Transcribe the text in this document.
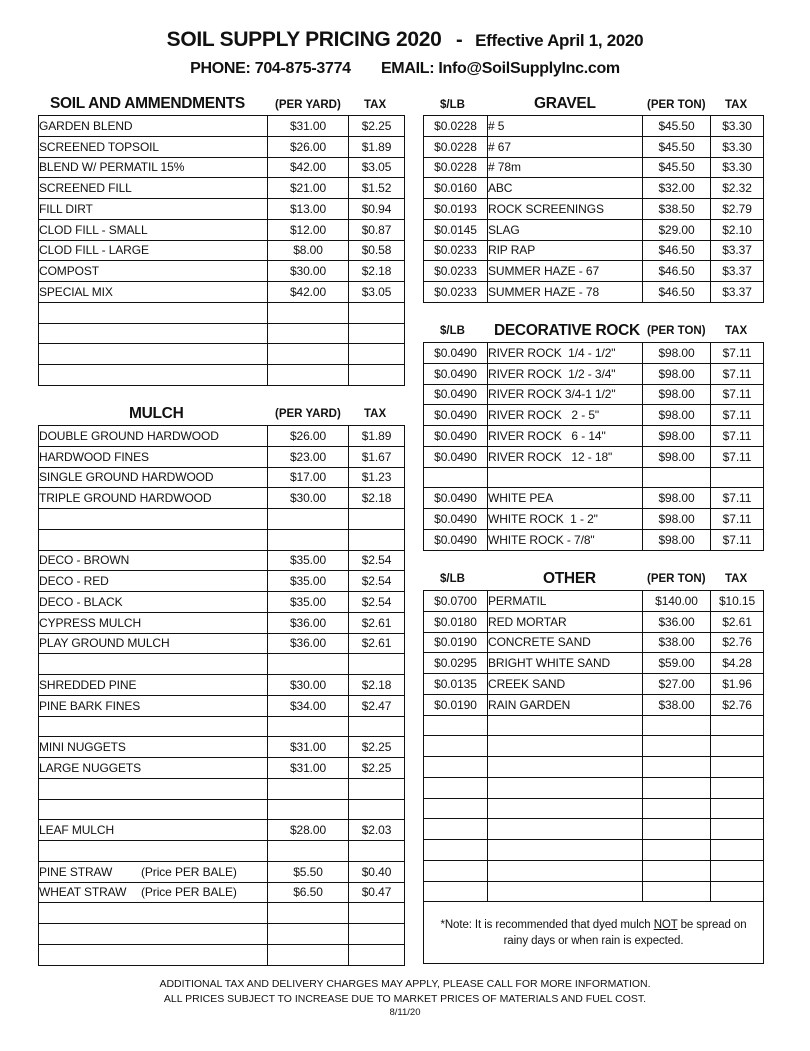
SOIL SUPPLY PRICING 2020 - Effective April 1, 2020
PHONE: 704-875-3774 EMAIL: Info@SoilSupplyInc.com
SOIL AND AMMENDMENTS	(PER YARD) TAX
GARDEN BLEND	$31.00	$2.25
SCREENED TOPSOIL	$26.00	$1.89
BLEND W/ PERMATIL 15%	$42.00	$3.05
SCREENED FILL	$21.00	$1.52
FILL DIRT	$13.00	$0.94
CLOD FILL - SMALL	$12.00	$0.87
CLOD FILL - LARGE	$8.00	$0.58
COMPOST	$30.00	$2.18
SPECIAL MIX	$42.00	$3.05

MULCH	(PER YARD) TAX
DOUBLE GROUND HARDWOOD	$26.00	$1.89
HARDWOOD FINES	$23.00	$1.67
SINGLE GROUND HARDWOOD	$17.00	$1.23
TRIPLE GROUND HARDWOOD	$30.00	$2.18

DECO - BROWN	$35.00	$2.54
DECO - RED	$35.00	$2.54
DECO - BLACK	$35.00	$2.54
CYPRESS MULCH	$36.00	$2.61
PLAY GROUND MULCH	$36.00	$2.61

SHREDDED PINE	$30.00	$2.18
PINE BARK FINES	$34.00	$2.47

MINI NUGGETS	$31.00	$2.25
LARGE NUGGETS	$31.00	$2.25

LEAF MULCH	$28.00	$2.03

PINE STRAW (Price PER BALE)	$5.50	$0.40
WHEAT STRAW (Price PER BALE)	$6.50	$0.47

$/LB	GRAVEL	(PER TON) TAX
$0.0228	# 5	$45.50	$3.30
$0.0228	# 67	$45.50	$3.30
$0.0228	# 78m	$45.50	$3.30
$0.0160	ABC	$32.00	$2.32
$0.0193	ROCK SCREENINGS	$38.50	$2.79
$0.0145	SLAG	$29.00	$2.10
$0.0233	RIP RAP	$46.50	$3.37
$0.0233	SUMMER HAZE - 67	$46.50	$3.37
$0.0233	SUMMER HAZE - 78	$46.50	$3.37
$/LB DECORATIVE ROCK (PER TON) TAX
$0.0490	RIVER ROCK  1/4 - 1/2"	$98.00	$7.11
$0.0490	RIVER ROCK  1/2 - 3/4"	$98.00	$7.11
$0.0490	RIVER ROCK 3/4-1 1/2"	$98.00	$7.11
$0.0490	RIVER ROCK   2 - 5"	$98.00	$7.11
$0.0490	RIVER ROCK   6 - 14"	$98.00	$7.11
$0.0490	RIVER ROCK   12 - 18"	$98.00	$7.11

$0.0490	WHITE PEA	$98.00	$7.11
$0.0490	WHITE ROCK  1 - 2"	$98.00	$7.11
$0.0490	WHITE ROCK - 7/8"	$98.00	$7.11
$/LB	OTHER	(PER TON) TAX
$0.0700	PERMATIL	$140.00	$10.15
$0.0180	RED MORTAR	$36.00	$2.61
$0.0190	CONCRETE SAND	$38.00	$2.76
$0.0295	BRIGHT WHITE SAND	$59.00	$4.28
$0.0135	CREEK SAND	$27.00	$1.96
$0.0190	RAIN GARDEN	$38.00	$2.76

*Note: It is recommended that dyed mulch NOT be spread on rainy days or when rain is expected.			
ADDITIONAL TAX AND DELIVERY CHARGES MAY APPLY, PLEASE CALL FOR MORE INFORMATION.
ALL PRICES SUBJECT TO INCREASE DUE TO MARKET PRICES OF MATERIALS AND FUEL COST.
8/11/20
